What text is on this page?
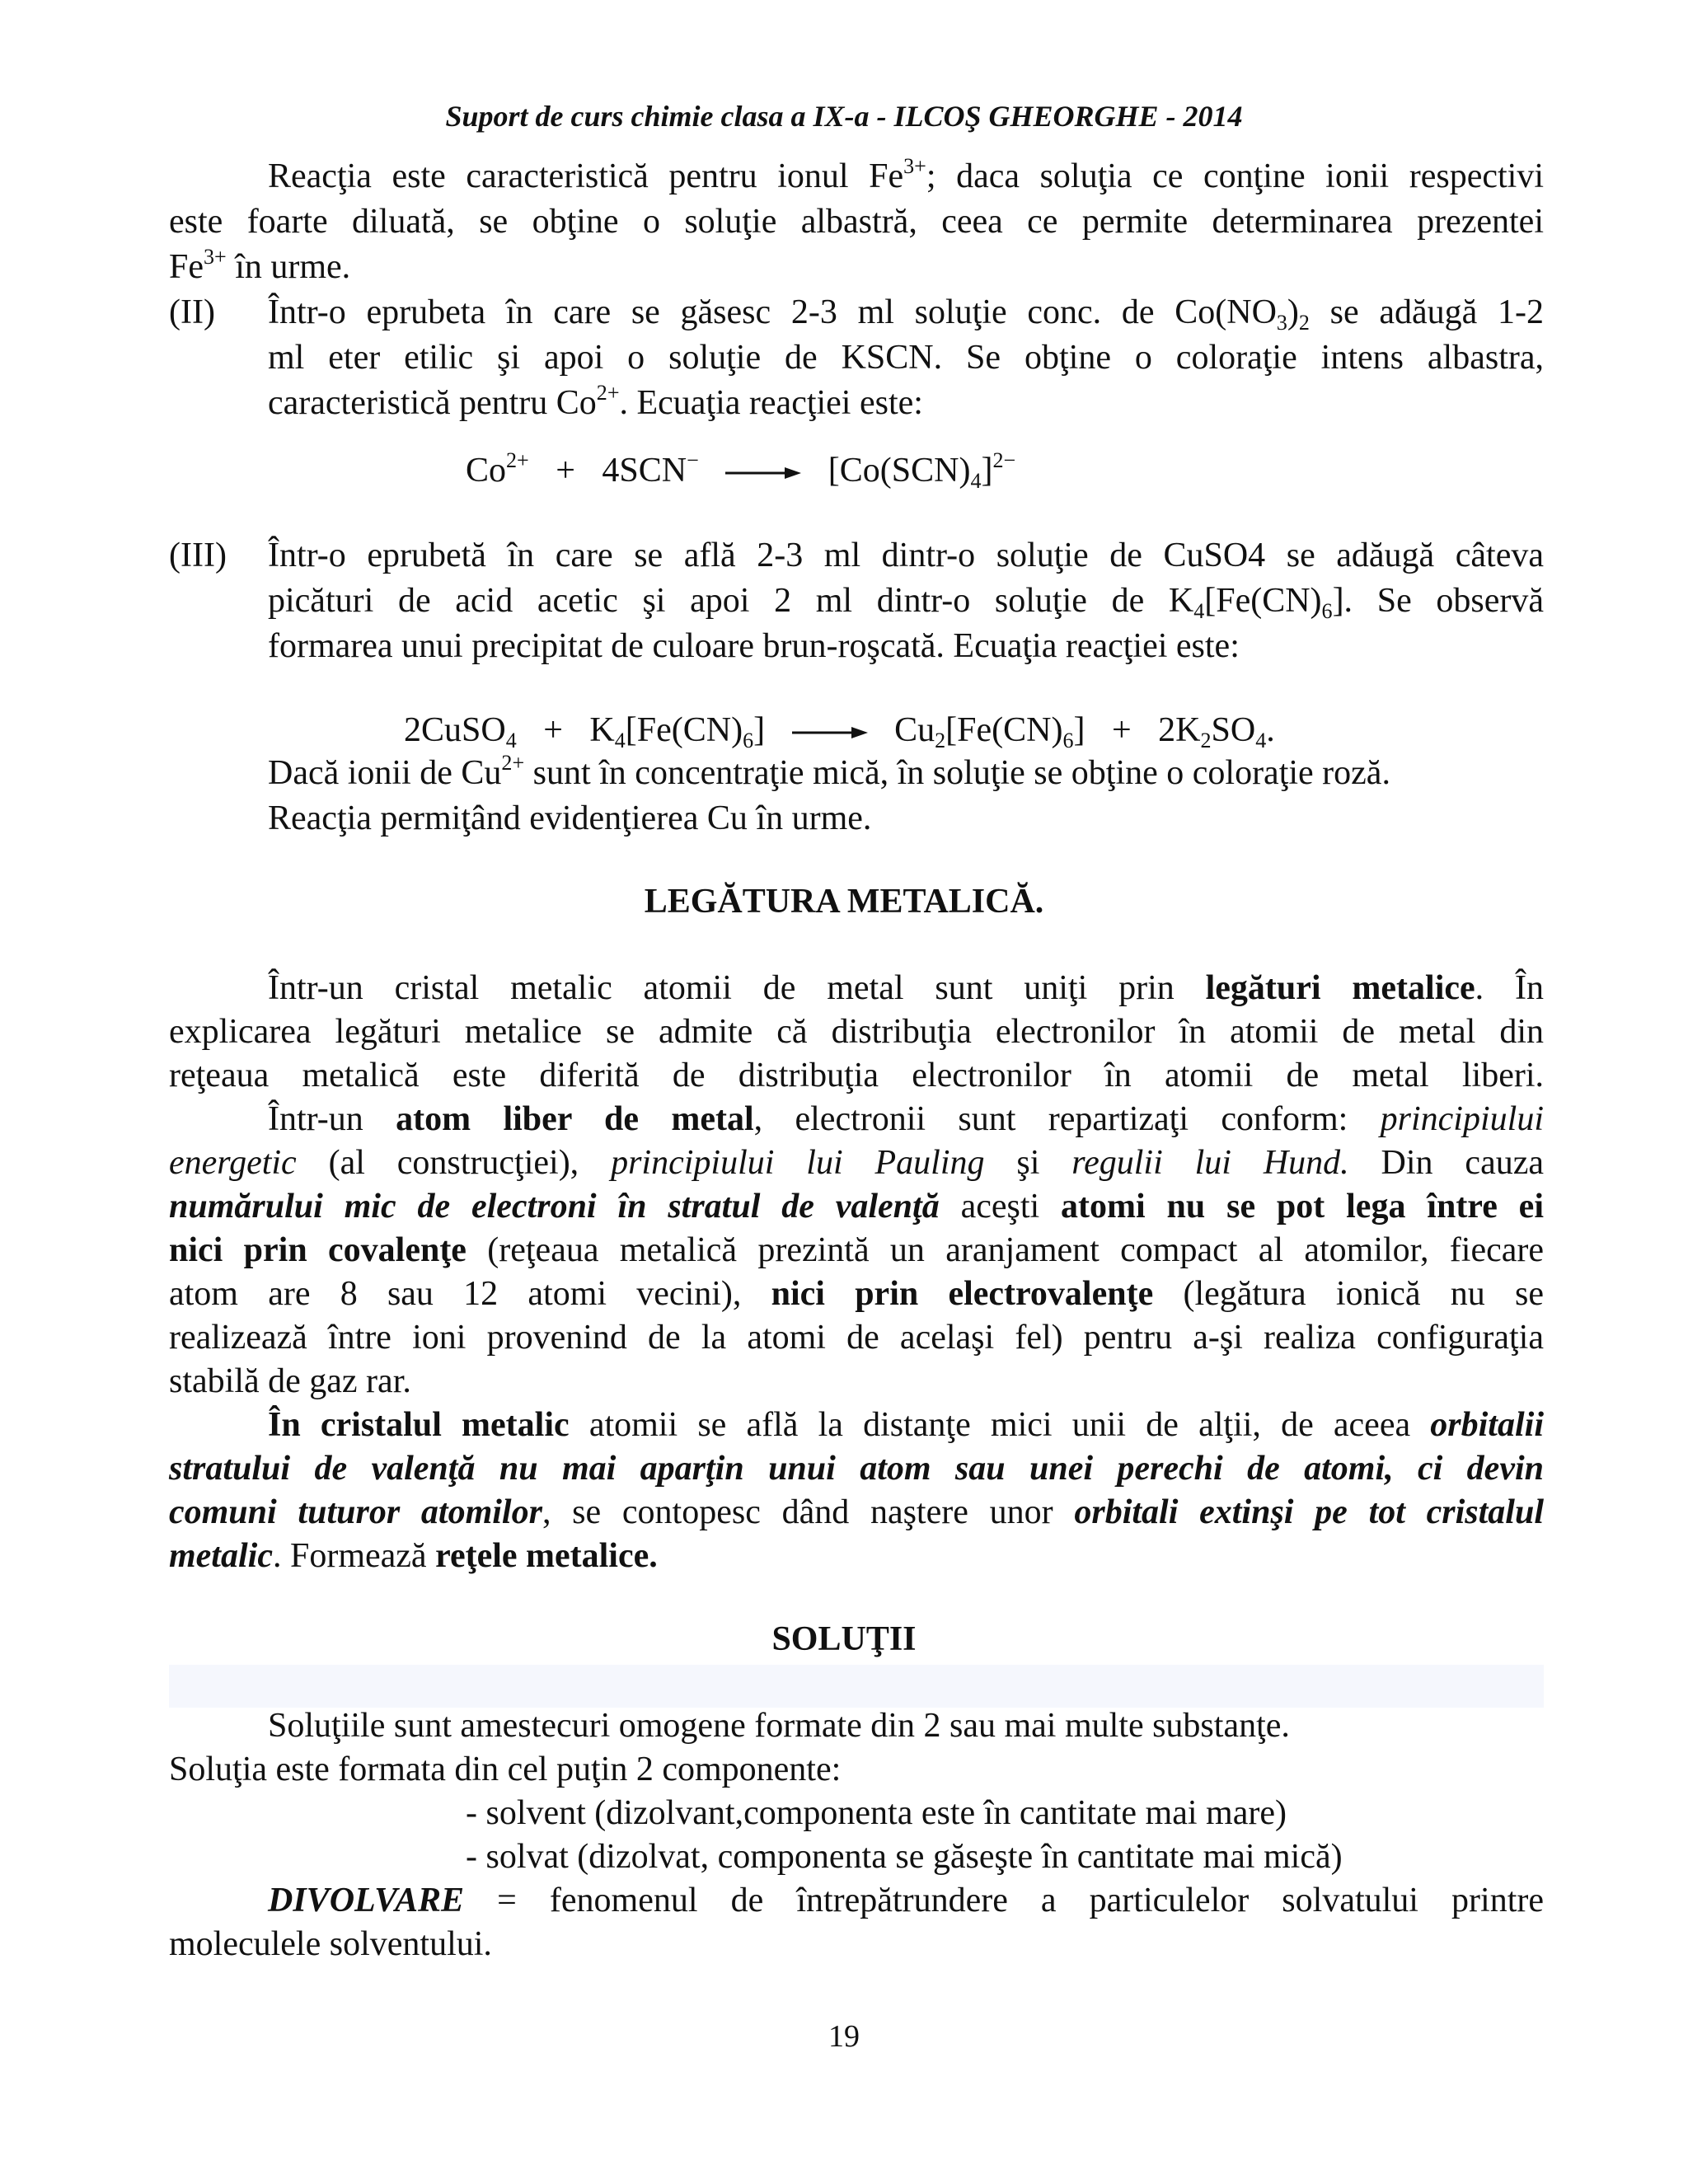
Suport de curs chimie clasa a IX-a - ILCOŞ GHEORGHE - 2014
Reacţia este caracteristică pentru ionul $Fe^{3+}$; daca soluţia ce conţine ionii respectivi
este foarte diluată, se obţine o soluţie albastră, ceea ce permite determinarea prezentei
$Fe^{3+}$ în urme.
(II) Într-o eprubeta în care se găsesc 2-3 ml soluţie conc. de $Co(NO_3)_2$ se adăugă 1-2
ml eter etilic şi apoi o soluţie de KSCN. Se obţine o coloraţie intens albastra,
caracteristică pentru $Co^{2+}$. Ecuaţia reacţiei este:
$Co^{2+} + 4SCN^- \to [Co(SCN)_4]^{2-}$
(III) Într-o eprubetă în care se află 2-3 ml dintr-o soluţie de CuSO4 se adăugă câteva
picături de acid acetic şi apoi 2 ml dintr-o soluţie de $K_4[Fe(CN)_6]$. Se observă
formarea unui precipitat de culoare brun-roşcată. Ecuaţia reacţiei este:
2CuSO$_4$ + $K_4[Fe(CN)_6] \to Cu_2[Fe(CN)_6] + 2K_2SO_4$.
Dacă ionii de $Cu^{2+}$ sunt în concentraţie mică, în soluţie se obţine o coloraţie roză.
Reacţia permiţând evidenţierea Cu în urme.
LEGĂTURA METALICĂ.
Într-un cristal metalic atomii de metal sunt uniţi prin legături metalice. În
explicarea legături metalice se admite că distribuţia electronilor în atomii de metal din
reţeaua metalică este diferită de distribuţia electronilor în atomii de metal liberi.
Într-un atom liber de metal, electronii sunt repartizaţi conform: principiului
energetic (al construcţiei), principiului lui Pauling şi regulii lui Hund. Din cauza
numărului mic de electroni în stratul de valenţă aceşti atomi nu se pot lega între ei
nici prin covalenţe (reţeaua metalică prezintă un aranjament compact al atomilor, fiecare
atom are 8 sau 12 atomi vecini), nici prin electrovalenţe (legătura ionică nu se
realizează între ioni provenind de la atomi de acelaşi fel) pentru a-şi realiza configuraţia
stabilă de gaz rar.
În cristalul metalic atomii se află la distanţe mici unii de alţii, de aceea orbitalii
stratului de valenţă nu mai aparţin unui atom sau unei perechi de atomi, ci devin
comuni tuturor atomilor, se contopesc dând naştere unor orbitali extinşi pe tot cristalul
metalic. Formează reţele metalice.
SOLUŢII
Soluţiile sunt amestecuri omogene formate din 2 sau mai multe substanţe.
Soluţia este formata din cel puţin 2 componente:
- solvent (dizolvant,componenta este în cantitate mai mare)
- solvat (dizolvat, componenta se găseşte în cantitate mai mică)
DIVOLVARE = fenomenul de întrepătrundere a particulelor solvatului printre
moleculele solventului.
19
